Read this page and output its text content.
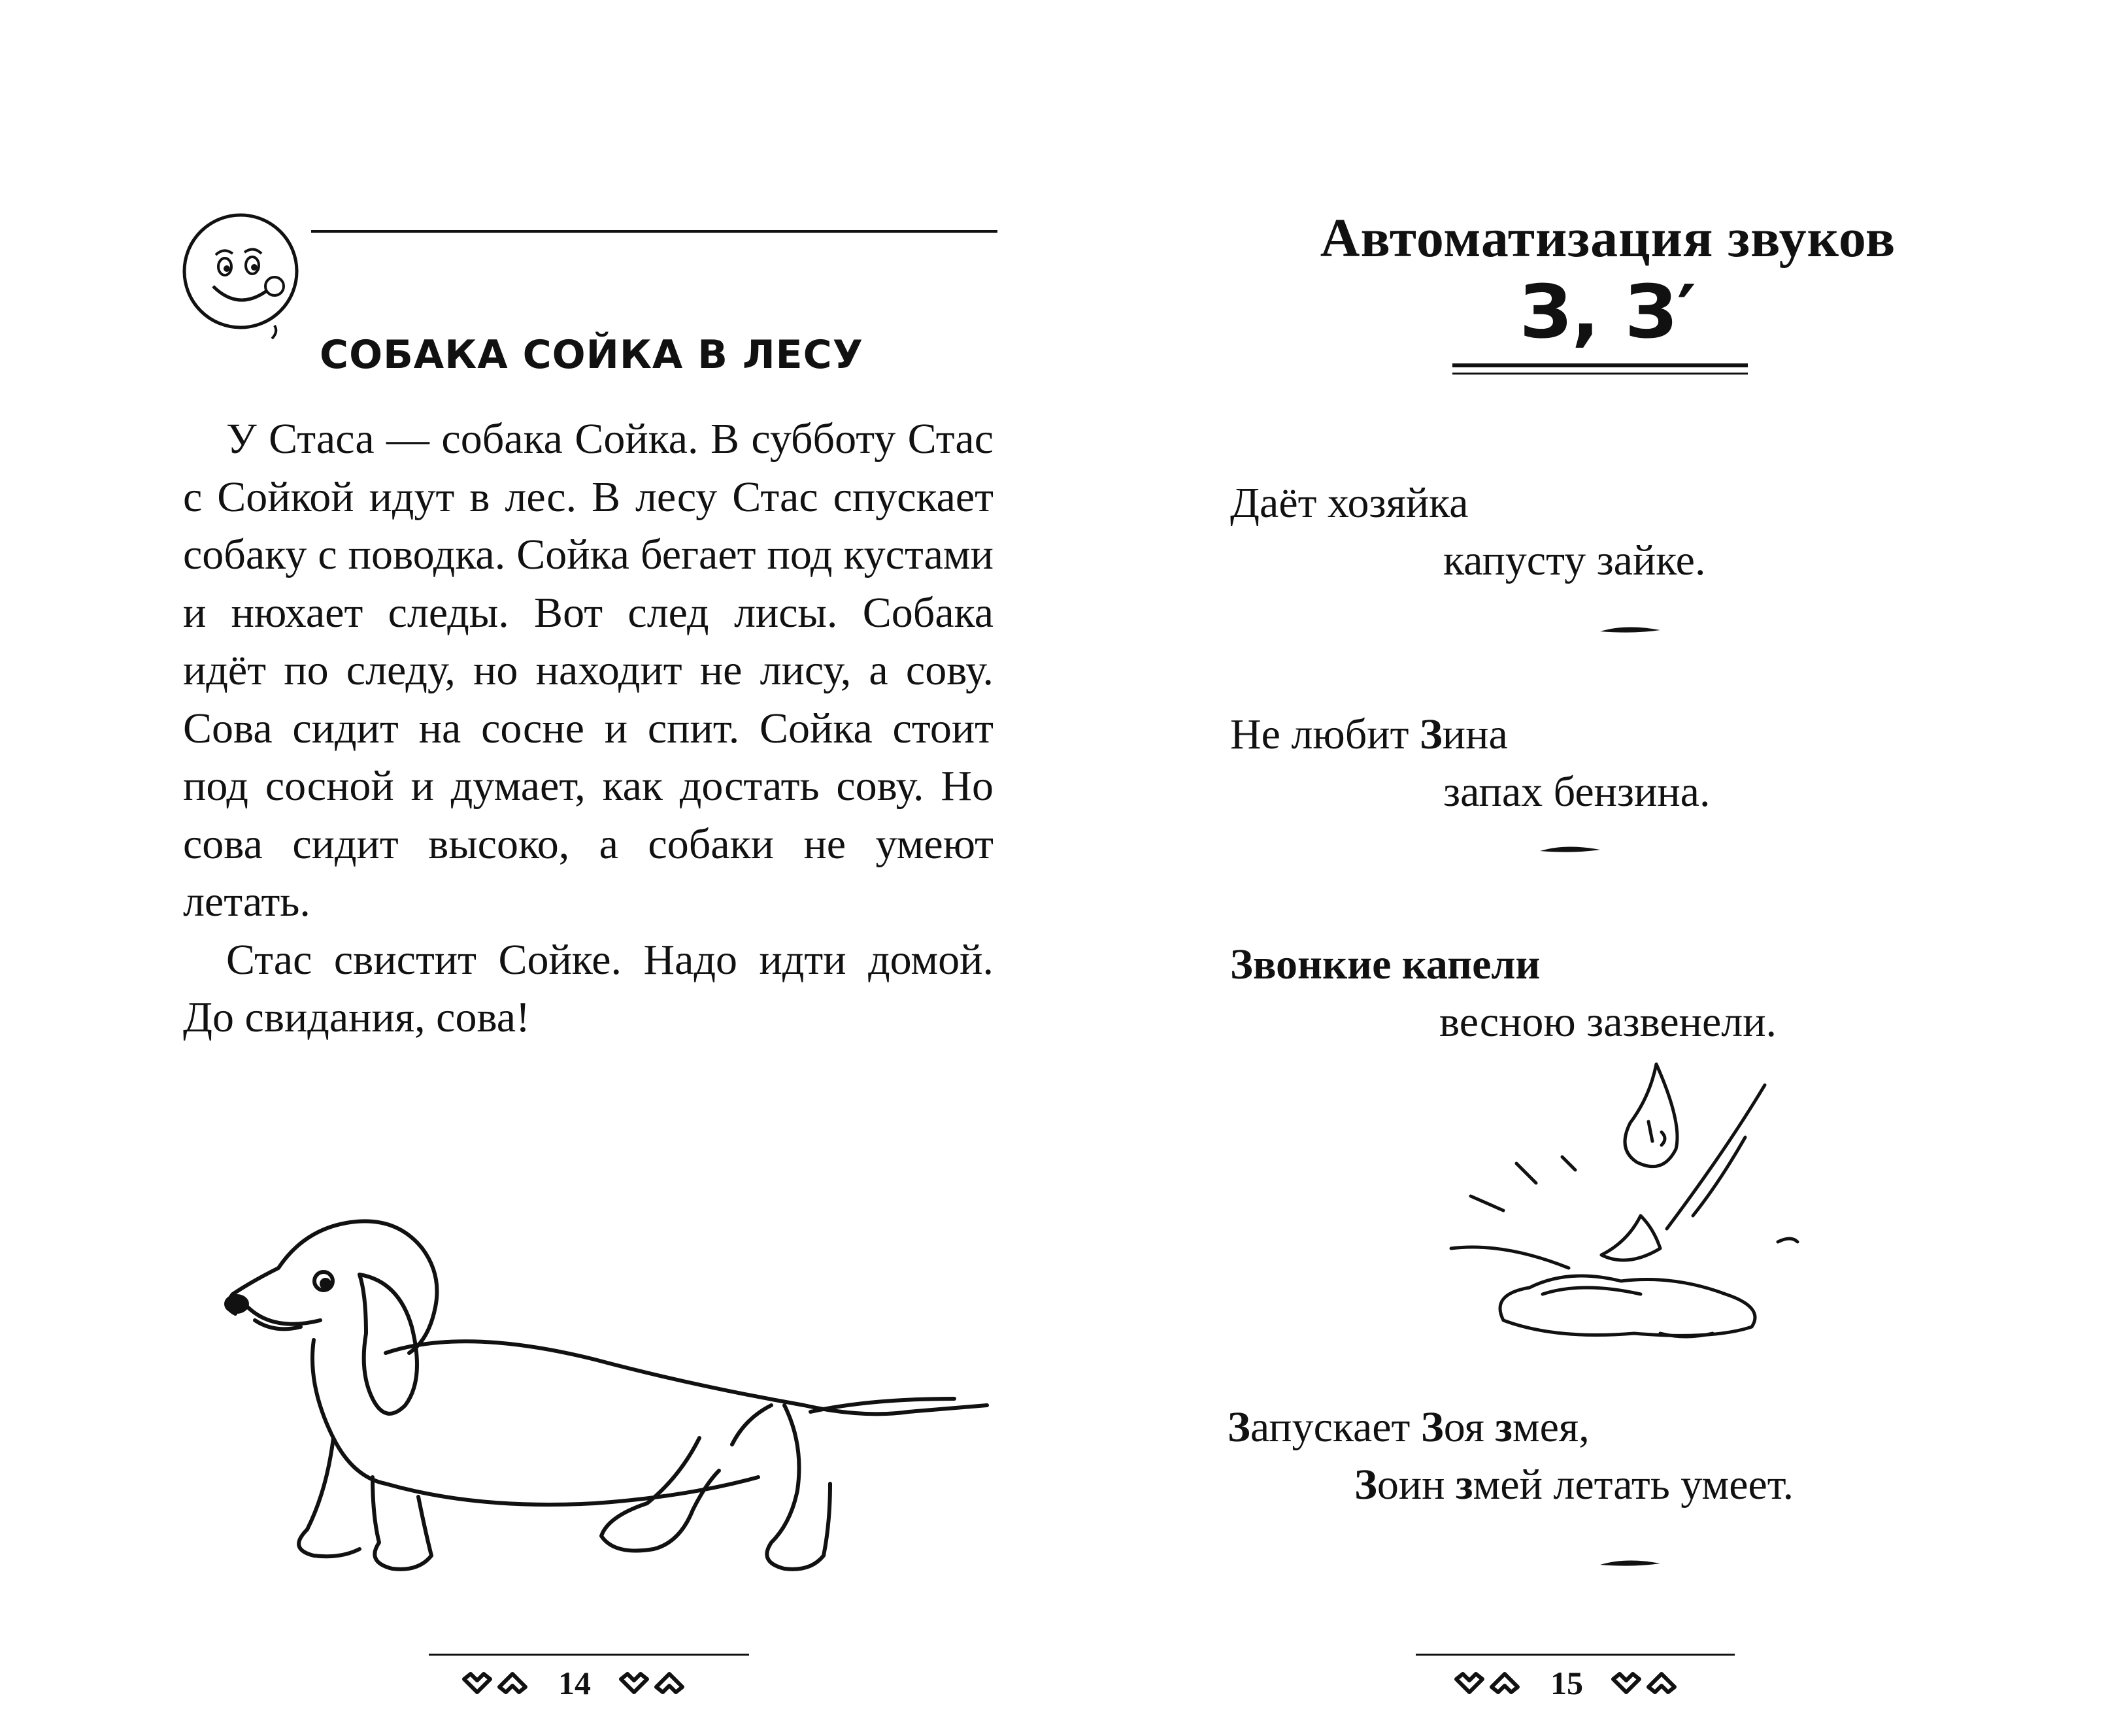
СОБАКА СОЙКА В ЛЕСУ

У Стаса — собака Сойка. В субботу Стас с Сойкой идут в лес. В лесу Стас спускает собаку с поводка. Сойка бегает под кустами и нюхает следы. Вот след лисы. Собака идёт по следу, но находит не лису, а сову. Сова сидит на сосне и спит. Сойка стоит под сосной и думает, как достать сову. Но сова сидит высоко, а собаки не умеют летать.

Стас свистит Сойке. Надо идти домой. До свидания, сова!

14
Автоматизация звуков
З, З′
Даёт хозяйка
капусту зайке.
Не любит Зина
запах бензина.
Звонкие капели
весною зазвенели.
Запускает Зоя змея,
Зоин змей летать умеет.
15
